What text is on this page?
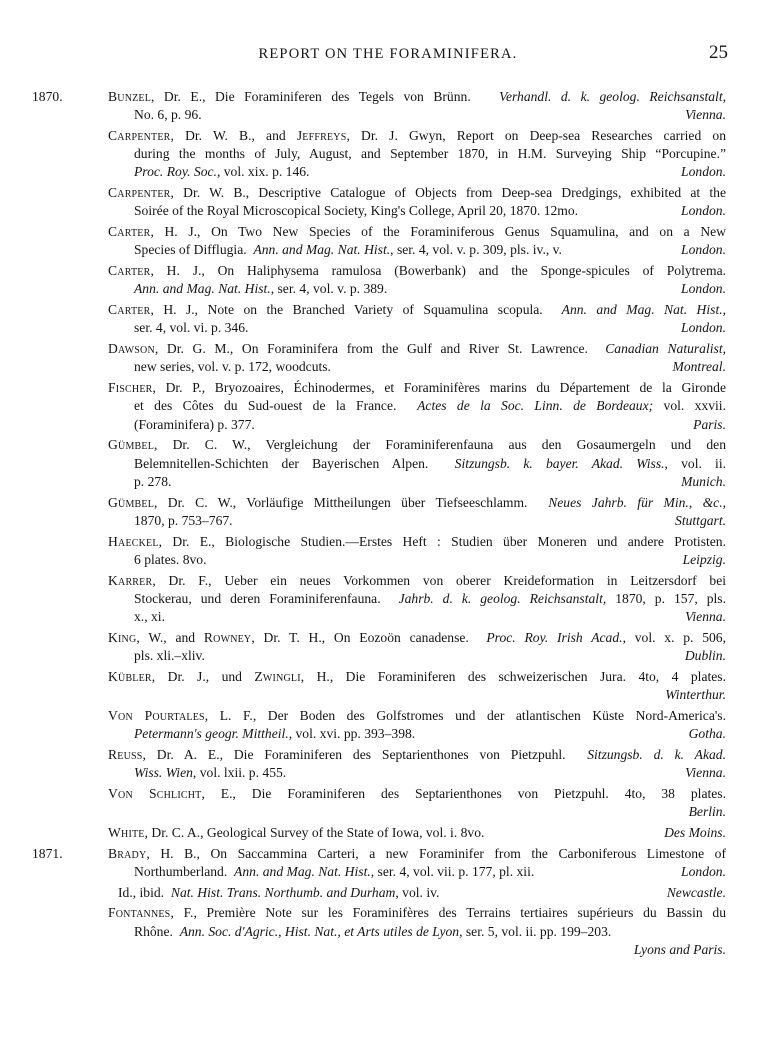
REPORT ON THE FORAMINIFERA.	25
1870.	Bunzel, Dr. E., Die Foraminiferen des Tegels von Brünn. Verhandl. d. k. geolog. Reichsanstalt,
No. 6, p. 96.	Vienna.
Carpenter, Dr. W. B., and Jeffreys, Dr. J. Gwyn, Report on Deep-sea Researches carried on
during the months of July, August, and September 1870, in H.M. Surveying Ship “Porcupine.”
Proc. Roy. Soc., vol. xix. p. 146.	London.
Carpenter, Dr. W. B., Descriptive Catalogue of Objects from Deep-sea Dredgings, exhibited at the
Soirée of the Royal Microscopical Society, King's College, April 20, 1870. 12mo.	London.
Carter, H. J., On Two New Species of the Foraminiferous Genus Squamulina, and on a New
Species of Difflugia. Ann. and Mag. Nat. Hist., ser. 4, vol. v. p. 309, pls. iv., v.	London.
Carter, H. J., On Haliphysema ramulosa (Bowerbank) and the Sponge-spicules of Polytrema.
Ann. and Mag. Nat. Hist., ser. 4, vol. v. p. 389.	London.
Carter, H. J., Note on the Branched Variety of Squamulina scopula. Ann. and Mag. Nat. Hist.,
ser. 4, vol. vi. p. 346.	London.
Dawson, Dr. G. M., On Foraminifera from the Gulf and River St. Lawrence. Canadian Naturalist,
new series, vol. v. p. 172, woodcuts.	Montreal.
Fischer, Dr. P., Bryozoaires, Échinodermes, et Foraminifères marins du Département de la Gironde
et des Côtes du Sud-ouest de la France. Actes de la Soc. Linn. de Bordeaux; vol. xxvii.
(Foraminifera) p. 377.	Paris.
Gümbel, Dr. C. W., Vergleichung der Foraminiferenfauna aus den Gosaumergeln und den
Belemnitellen-Schichten der Bayerischen Alpen. Sitzungsb. k. bayer. Akad. Wiss., vol. ii.
p. 278.	Munich.
Gümbel, Dr. C. W., Vorläufige Mittheilungen über Tiefseeschlamm. Neues Jahrb. für Min., &c.,
1870, p. 753–767.	Stuttgart.
Haeckel, Dr. E., Biologische Studien.—Erstes Heft : Studien über Moneren und andere Protisten.
6 plates. 8vo.	Leipzig.
Karrer, Dr. F., Ueber ein neues Vorkommen von oberer Kreideformation in Leitzersdorf bei
Stockerau, und deren Foraminiferenfauna. Jahrb. d. k. geolog. Reichsanstalt, 1870, p. 157, pls.
x., xi.	Vienna.
King, W., and Rowney, Dr. T. H., On Eozoön canadense. Proc. Roy. Irish Acad., vol. x. p. 506,
pls. xli.–xliv.	Dublin.
Kübler, Dr. J., und Zwingli, H., Die Foraminiferen des schweizerischen Jura. 4to, 4 plates.
Winterthur.
Von Pourtales, L. F., Der Boden des Golfstromes und der atlantischen Küste Nord-America's.
Petermann's geogr. Mittheil., vol. xvi. pp. 393–398.	Gotha.
Reuss, Dr. A. E., Die Foraminiferen des Septarienthones von Pietzpuhl. Sitzungsb. d. k. Akad.
Wiss. Wien, vol. lxii. p. 455.	Vienna.
Von Schlicht, E., Die Foraminiferen des Septarienthones von Pietzpuhl. 4to, 38 plates.
Berlin.
White, Dr. C. A., Geological Survey of the State of Iowa, vol. i. 8vo.	Des Moins.
1871.	Brady, H. B., On Saccammina Carteri, a new Foraminifer from the Carboniferous Limestone of
Northumberland. Ann. and Mag. Nat. Hist., ser. 4, vol. vii. p. 177, pl. xii.	London.
Id., ibid. Nat. Hist. Trans. Northumb. and Durham, vol. iv.	Newcastle.
Fontannes, F., Première Note sur les Foraminifères des Terrains tertiaires supérieurs du Bassin du
Rhône. Ann. Soc. d'Agric., Hist. Nat., et Arts utiles de Lyon, ser. 5, vol. ii. pp. 199–203.
Lyons and Paris.
